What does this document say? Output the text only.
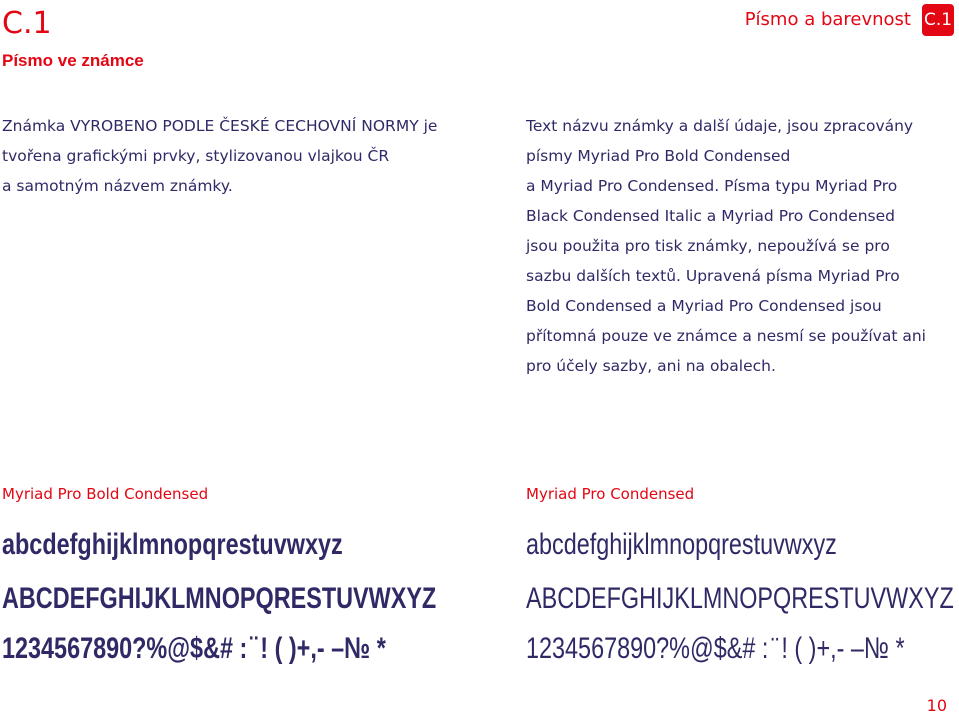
C.1
Písmo ve známce
Písmo a barevnost C.1
Známka VYROBENO PODLE ČESKÉ CECHOVNÍ NORMY je
tvořena grafickými prvky, stylizovanou vlajkou ČR
a samotným názvem známky.
Text názvu známky a další údaje, jsou zpracovány
písmy Myriad Pro Bold Condensed
a Myriad Pro Condensed. Písma typu Myriad Pro
Black Condensed Italic a Myriad Pro Condensed
jsou použita pro tisk známky, nepoužívá se pro
sazbu dalších textů. Upravená písma Myriad Pro
Bold Condensed a Myriad Pro Condensed jsou
přítomná pouze ve známce a nesmí se používat ani
pro účely sazby, ani na obalech.
Myriad Pro Bold Condensed	Myriad Pro Condensed
abcdefghijklmnopqrestuvwxyz
ABCDEFGHIJKLMNOPQRESTUVWXYZ
1234567890?%@$&# : ̈ ! ( )+,- –№ *
abcdefghijklmnopqrestuvwxyz
ABCDEFGHIJKLMNOPQRESTUVWXYZ
1234567890?%@$&# : ̈ ! ( )+,- –№ *
10
